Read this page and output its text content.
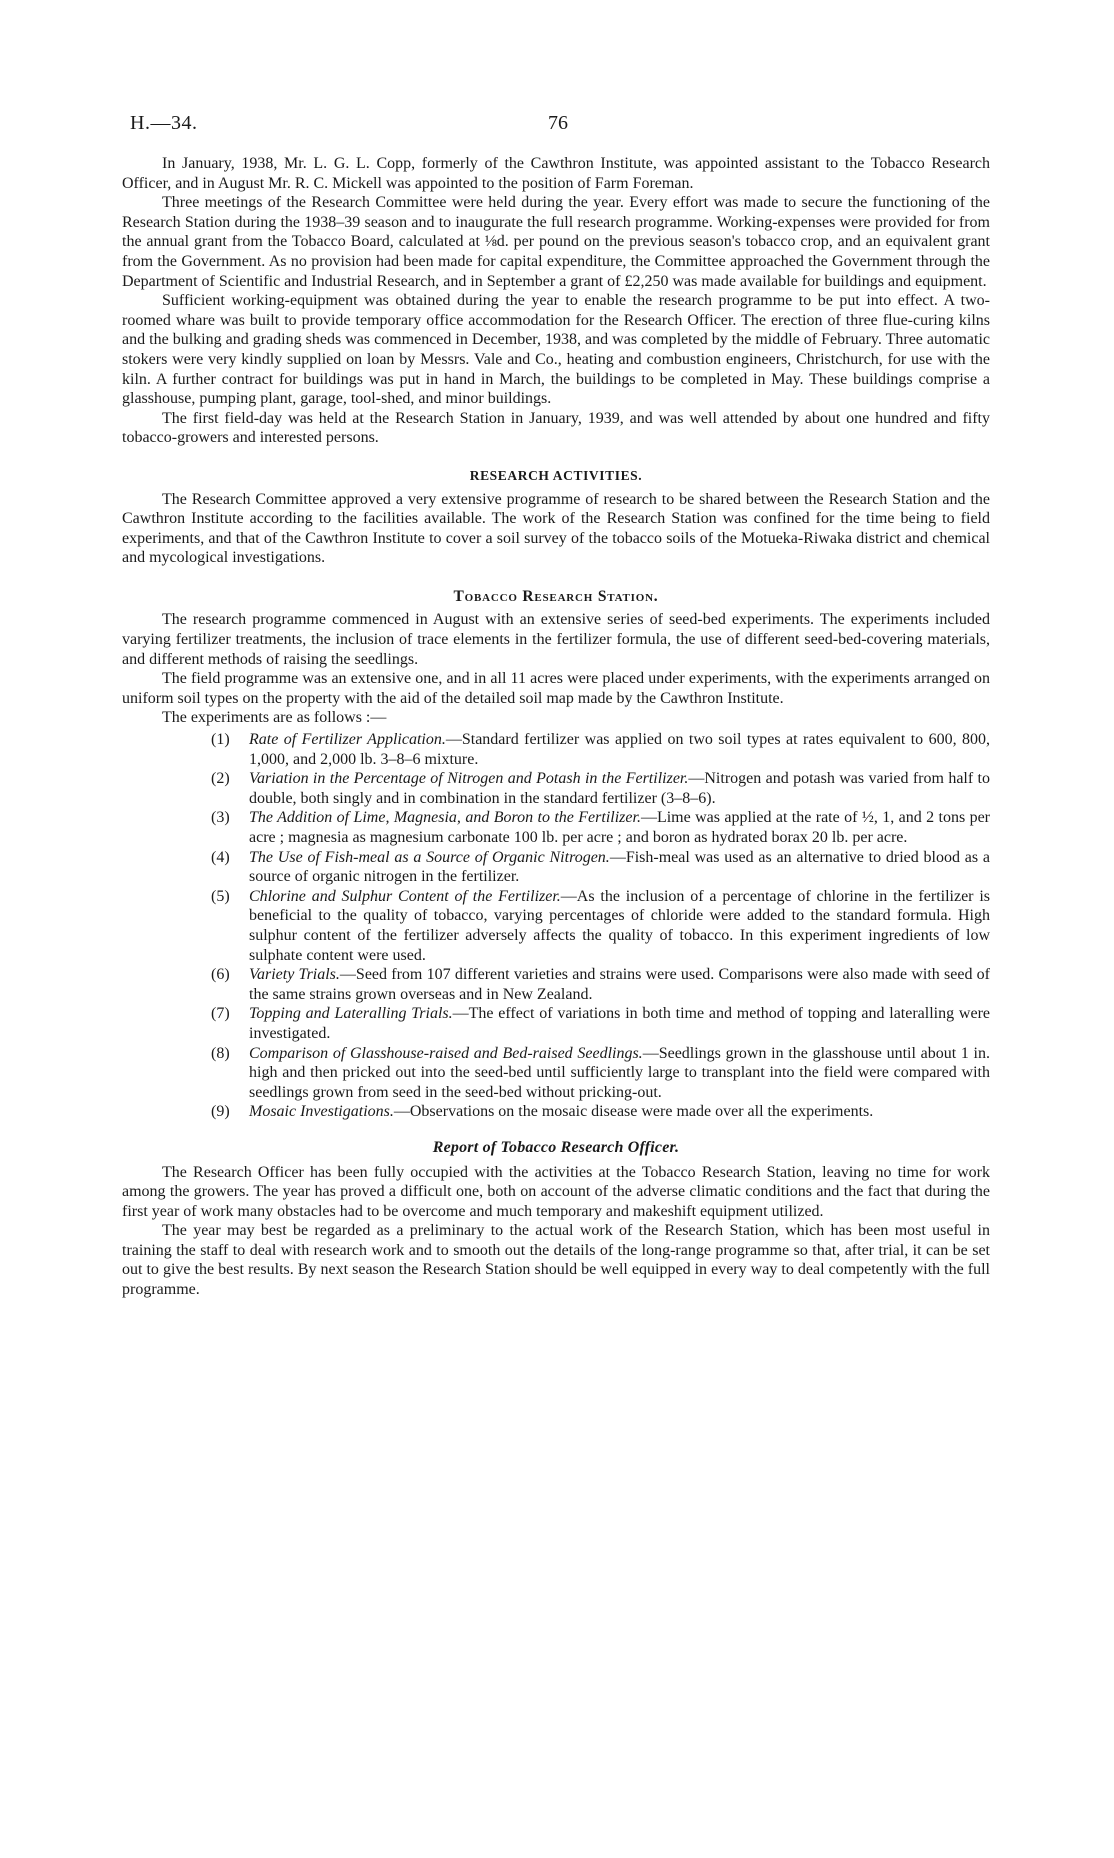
H.—34.	76

In January, 1938, Mr. L. G. L. Copp, formerly of the Cawthron Institute, was appointed assistant to the Tobacco Research Officer, and in August Mr. R. C. Mickell was appointed to the position of Farm Foreman.

Three meetings of the Research Committee were held during the year. Every effort was made to secure the functioning of the Research Station during the 1938–39 season and to inaugurate the full research programme. Working-expenses were provided for from the annual grant from the Tobacco Board, calculated at ⅛d. per pound on the previous season's tobacco crop, and an equivalent grant from the Government. As no provision had been made for capital expenditure, the Committee approached the Government through the Department of Scientific and Industrial Research, and in September a grant of £2,250 was made available for buildings and equipment.

Sufficient working-equipment was obtained during the year to enable the research programme to be put into effect. A two-roomed whare was built to provide temporary office accommodation for the Research Officer. The erection of three flue-curing kilns and the bulking and grading sheds was commenced in December, 1938, and was completed by the middle of February. Three automatic stokers were very kindly supplied on loan by Messrs. Vale and Co., heating and combustion engineers, Christchurch, for use with the kiln. A further contract for buildings was put in hand in March, the buildings to be completed in May. These buildings comprise a glasshouse, pumping plant, garage, tool-shed, and minor buildings.

The first field-day was held at the Research Station in January, 1939, and was well attended by about one hundred and fifty tobacco-growers and interested persons.

RESEARCH ACTIVITIES.

The Research Committee approved a very extensive programme of research to be shared between the Research Station and the Cawthron Institute according to the facilities available. The work of the Research Station was confined for the time being to field experiments, and that of the Cawthron Institute to cover a soil survey of the tobacco soils of the Motueka-Riwaka district and chemical and mycological investigations.

Tobacco Research Station.

The research programme commenced in August with an extensive series of seed-bed experiments. The experiments included varying fertilizer treatments, the inclusion of trace elements in the fertilizer formula, the use of different seed-bed-covering materials, and different methods of raising the seedlings.

The field programme was an extensive one, and in all 11 acres were placed under experiments, with the experiments arranged on uniform soil types on the property with the aid of the detailed soil map made by the Cawthron Institute.

The experiments are as follows :—

(1)	Rate of Fertilizer Application.—Standard fertilizer was applied on two soil types at rates equivalent to 600, 800, 1,000, and 2,000 lb. 3–8–6 mixture.
(2)	Variation in the Percentage of Nitrogen and Potash in the Fertilizer.—Nitrogen and potash was varied from half to double, both singly and in combination in the standard fertilizer (3–8–6).
(3)	The Addition of Lime, Magnesia, and Boron to the Fertilizer.—Lime was applied at the rate of ½, 1, and 2 tons per acre ; magnesia as magnesium carbonate 100 lb. per acre ; and boron as hydrated borax 20 lb. per acre.
(4)	The Use of Fish-meal as a Source of Organic Nitrogen.—Fish-meal was used as an alternative to dried blood as a source of organic nitrogen in the fertilizer.
(5)	Chlorine and Sulphur Content of the Fertilizer.—As the inclusion of a percentage of chlorine in the fertilizer is beneficial to the quality of tobacco, varying percentages of chloride were added to the standard formula. High sulphur content of the fertilizer adversely affects the quality of tobacco. In this experiment ingredients of low sulphate content were used.
(6)	Variety Trials.—Seed from 107 different varieties and strains were used. Comparisons were also made with seed of the same strains grown overseas and in New Zealand.
(7)	Topping and Lateralling Trials.—The effect of variations in both time and method of topping and lateralling were investigated.
(8)	Comparison of Glasshouse-raised and Bed-raised Seedlings.—Seedlings grown in the glasshouse until about 1 in. high and then pricked out into the seed-bed until sufficiently large to transplant into the field were compared with seedlings grown from seed in the seed-bed without pricking-out.
(9)	Mosaic Investigations.—Observations on the mosaic disease were made over all the experiments.
Report of Tobacco Research Officer.

The Research Officer has been fully occupied with the activities at the Tobacco Research Station, leaving no time for work among the growers. The year has proved a difficult one, both on account of the adverse climatic conditions and the fact that during the first year of work many obstacles had to be overcome and much temporary and makeshift equipment utilized.

The year may best be regarded as a preliminary to the actual work of the Research Station, which has been most useful in training the staff to deal with research work and to smooth out the details of the long-range programme so that, after trial, it can be set out to give the best results. By next season the Research Station should be well equipped in every way to deal competently with the full programme.
